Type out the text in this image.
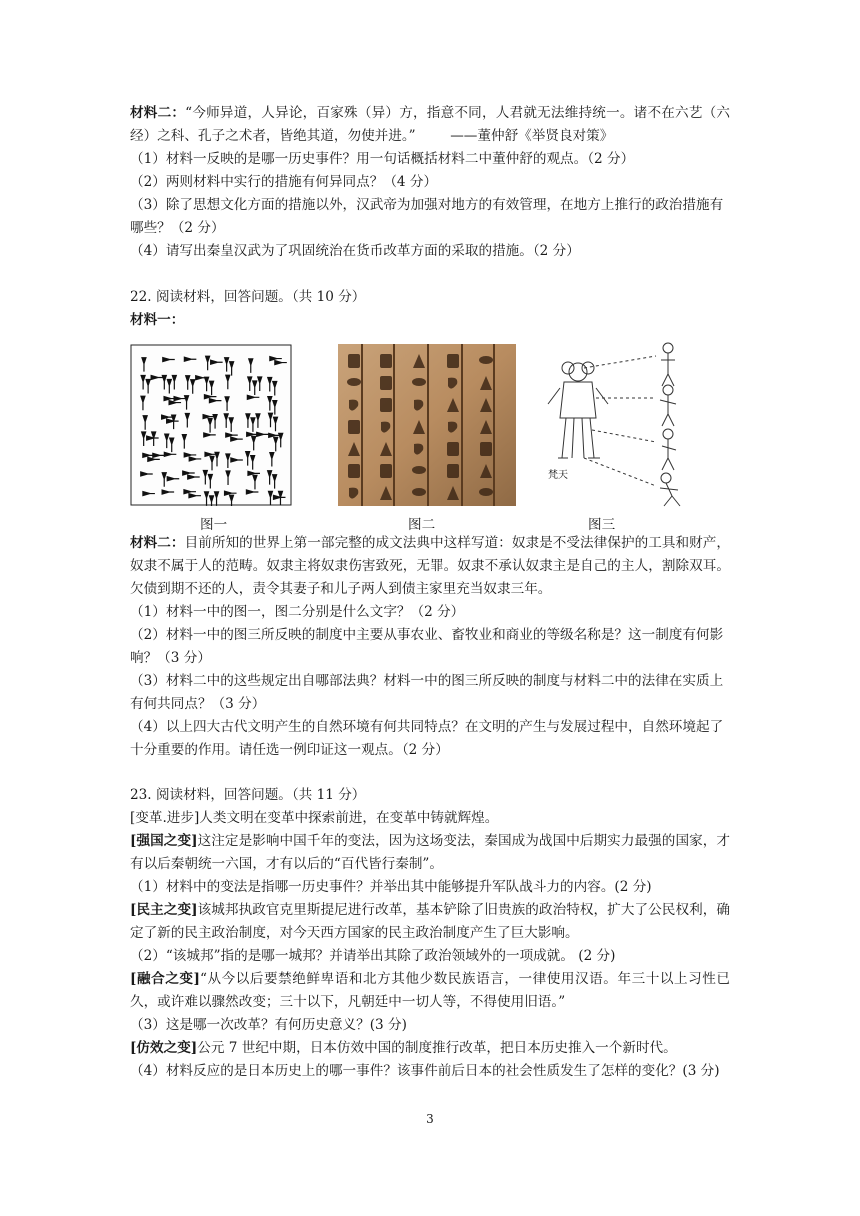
材料二：“今师异道，人异论，百家殊（异）方，指意不同，人君就无法维持统一。诸不在六艺（六经）之科、孔子之术者，皆绝其道，勿使并进。”	——董仲舒《举贤良对策》

（1）材料一反映的是哪一历史事件？用一句话概括材料二中董仲舒的观点。（2 分）

（2）两则材料中实行的措施有何异同点？（4 分）

（3）除了思想文化方面的措施以外，汉武帝为加强对地方的有效管理，在地方上推行的政治措施有哪些？（2 分）

（4）请写出秦皇汉武为了巩固统治在货币改革方面的采取的措施。（2 分）

22. 阅读材料，回答问题。（共 10 分）

材料一：

梵天
图一	图二	图三

材料二：目前所知的世界上第一部完整的成文法典中这样写道：奴隶是不受法律保护的工具和财产，奴隶不属于人的范畴。奴隶主将奴隶伤害致死，无罪。奴隶不承认奴隶主是自己的主人，割除双耳。欠债到期不还的人，责令其妻子和儿子两人到债主家里充当奴隶三年。

（1）材料一中的图一，图二分别是什么文字？（2 分）

（2）材料一中的图三所反映的制度中主要从事农业、畜牧业和商业的等级名称是？这一制度有何影响？（3 分）

（3）材料二中的这些规定出自哪部法典？材料一中的图三所反映的制度与材料二中的法律在实质上有何共同点？（3 分）

（4）以上四大古代文明产生的自然环境有何共同特点？在文明的产生与发展过程中，自然环境起了十分重要的作用。请任选一例印证这一观点。（2 分）

23. 阅读材料，回答问题。（共 11 分）

[变革.进步]人类文明在变革中探索前进，在变革中铸就辉煌。

[强国之变]这注定是影响中国千年的变法，因为这场变法，秦国成为战国中后期实力最强的国家，才有以后秦朝统一六国，才有以后的“百代皆行秦制”。

（1）材料中的变法是指哪一历史事件？并举出其中能够提升军队战斗力的内容。(2 分)

[民主之变]该城邦执政官克里斯提尼进行改革，基本铲除了旧贵族的政治特权，扩大了公民权利，确定了新的民主政治制度，对今天西方国家的民主政治制度产生了巨大影响。

（2）“该城邦”指的是哪一城邦？并请举出其除了政治领域外的一项成就。 (2 分)

[融合之变]“从今以后要禁绝鲜卑语和北方其他少数民族语言，一律使用汉语。年三十以上习性已久，或许难以骤然改变；三十以下，凡朝廷中一切人等，不得使用旧语。”

（3）这是哪一次改革？有何历史意义？(3 分)

[仿效之变]公元 7 世纪中期，日本仿效中国的制度推行改革，把日本历史推入一个新时代。

（4）材料反应的是日本历史上的哪一事件？该事件前后日本的社会性质发生了怎样的变化？(3 分)

3
